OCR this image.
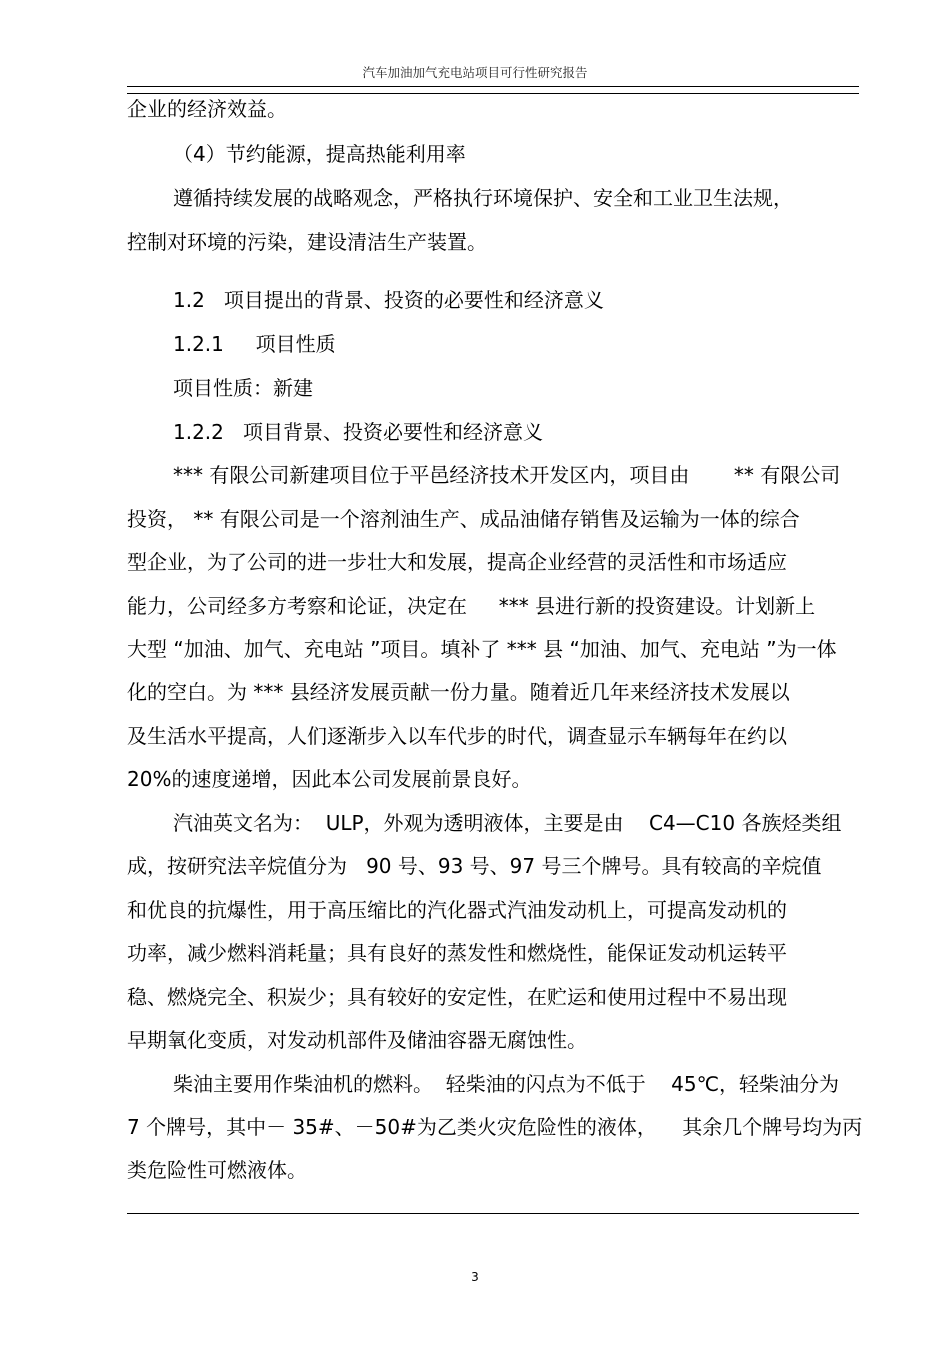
汽车加油加气充电站项目可行性研究报告
企业的经济效益。
（4）节约能源，提高热能利用率
遵循持续发展的战略观念，严格执行环境保护、安全和工业卫生法规，
控制对环境的污染，建设清洁生产装置。
1.2   项目提出的背景、投资的必要性和经济意义
1.2.1     项目性质
项目性质：新建
1.2.2   项目背景、投资必要性和经济意义
*** 有限公司新建项目位于平邑经济技术开发区内，项目由       ** 有限公司
投资， ** 有限公司是一个溶剂油生产、成品油储存销售及运输为一体的综合
型企业，为了公司的进一步壮大和发展，提高企业经营的灵活性和市场适应
能力，公司经多方考察和论证，决定在     *** 县进行新的投资建设。计划新上
大型 “加油、加气、充电站 ”项目。填补了 *** 县 “加油、加气、充电站 ”为一体
化的空白。为 *** 县经济发展贡献一份力量。随着近几年来经济技术发展以
及生活水平提高，人们逐渐步入以车代步的时代，调查显示车辆每年在约以
20%的速度递增，因此本公司发展前景良好。
汽油英文名为：  ULP，外观为透明液体，主要是由    C4—C10 各族烃类组
成，按研究法辛烷值分为   90 号、93 号、97 号三个牌号。具有较高的辛烷值
和优良的抗爆性，用于高压缩比的汽化器式汽油发动机上，可提高发动机的
功率，减少燃料消耗量；具有良好的蒸发性和燃烧性，能保证发动机运转平
稳、燃烧完全、积炭少；具有较好的安定性，在贮运和使用过程中不易出现
早期氧化变质，对发动机部件及储油容器无腐蚀性。
柴油主要用作柴油机的燃料。  轻柴油的闪点为不低于    45℃，轻柴油分为
7 个牌号，其中－ 35#、－50#为乙类火灾危险性的液体，    其余几个牌号均为丙
类危险性可燃液体。
3
